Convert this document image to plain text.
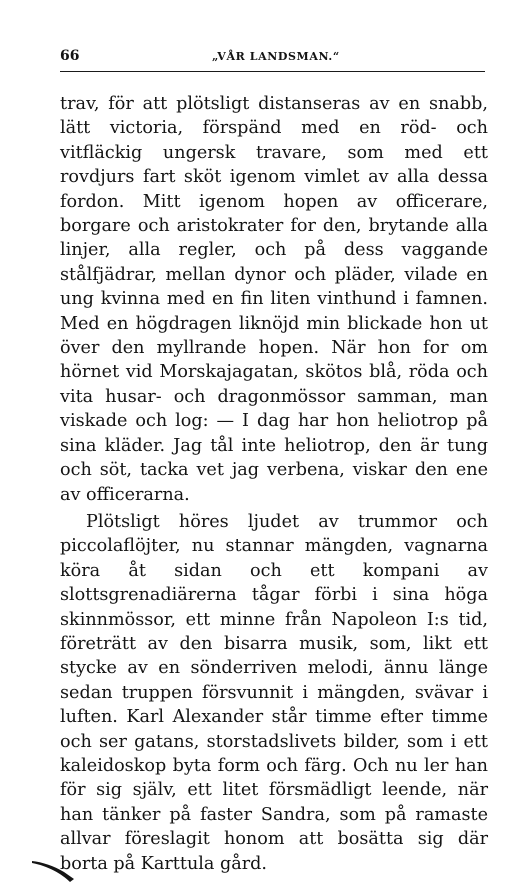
66	„VÅR LANDSMAN.“

trav, för att plötsligt distanseras av en snabb, lätt victoria, förspänd med en röd- och vitfläckig ungersk travare, som med ett rovdjurs fart sköt igenom vimlet av alla dessa fordon. Mitt igenom hopen av officerare, borgare och aristokrater for den, brytande alla linjer, alla regler, och på dess vaggande stålfjädrar, mellan dynor och pläder, vilade en ung kvinna med en fin liten vinthund i famnen. Med en högdragen liknöjd min blickade hon ut över den myllrande hopen. När hon for om hörnet vid Morskajagatan, skötos blå, röda och vita husar- och dragonmössor samman, man viskade och log: — I dag har hon heliotrop på sina kläder. Jag tål inte heliotrop, den är tung och söt, tacka vet jag verbena, viskar den ene av officerarna.

Plötsligt höres ljudet av trummor och piccolaflöjter, nu stannar mängden, vagnarna köra åt sidan och ett kompani av slottsgrenadiärerna tågar förbi i sina höga skinnmössor, ett minne från Napoleon I:s tid, företrätt av den bisarra musik, som, likt ett stycke av en sönderriven melodi, ännu länge sedan truppen försvunnit i mängden, svävar i luften. Karl Alexander står timme efter timme och ser gatans, storstadslivets bilder, som i ett kaleidoskop byta form och färg. Och nu ler han för sig själv, ett litet försmädligt leende, när han tänker på faster Sandra, som på ramaste allvar föreslagit honom att bosätta sig där borta på Karttula gård.
